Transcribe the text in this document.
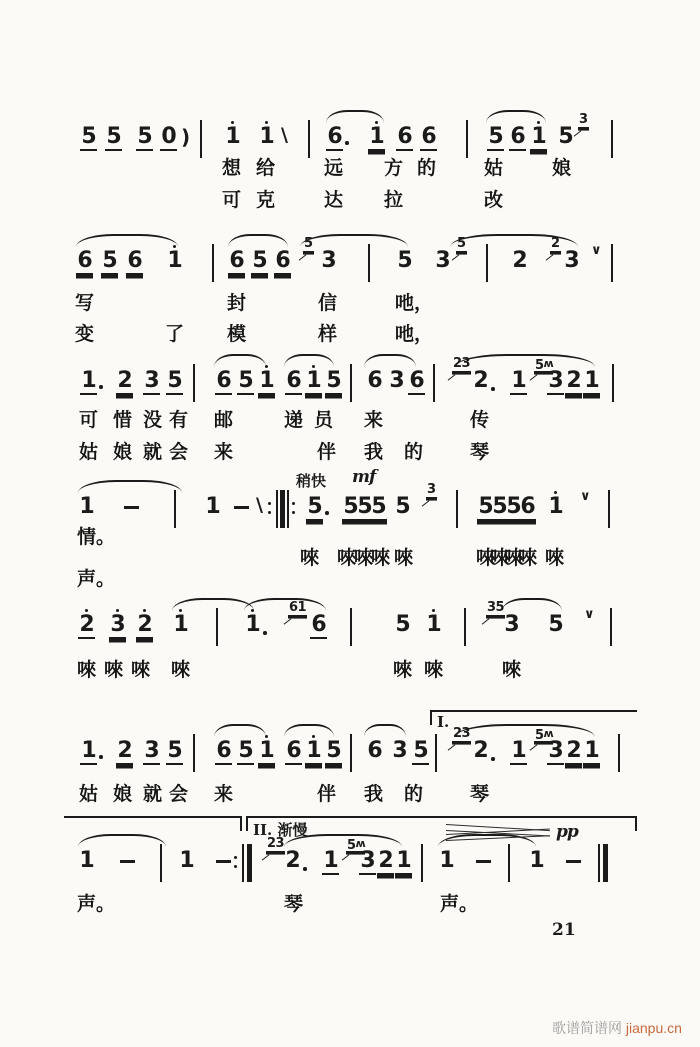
5 5 5 0 ) 1 1 \ 6 1 6 6 5 6 1 5
3
想 给	远 方 的	姑	娘
可 克	达 拉	改
6 5 6 1 6 5 6
5
3	5 3
5
2
2
3 ∨
写	封	信	吔，
变	了 模	样	吔，
1 2 3 5 6 5 1 6 1 5 6 3 6
23
2 1
5ʍ
3 2 1
可 惜 没 有 邮	递 员 来	传
姑 娘 就 会 来	伴 我 的 琴
1	1 \ 5 5 5 5 5
3
5 5 5 6 1 ∨
稍快 mf
情。
唻 唻
唻
唻 唻	唻
唻
唻
唻 唻
声。
2 3 2 1	1
61
6	5 1
35
3 5 ∨
唻 唻 唻 唻	唻 唻	唻
I.
1 2 3 5 6 5 1 6 1 5 6 3 5
23
2 1
5ʍ
3 2 1
姑 娘 就 会 来	伴 我 的 琴
II. 渐慢
1	1
23
2 1
5ʍ
3 2 1 1	1
pp
声。	琴	声。
21
歌谱简谱网 jianpu.cn
